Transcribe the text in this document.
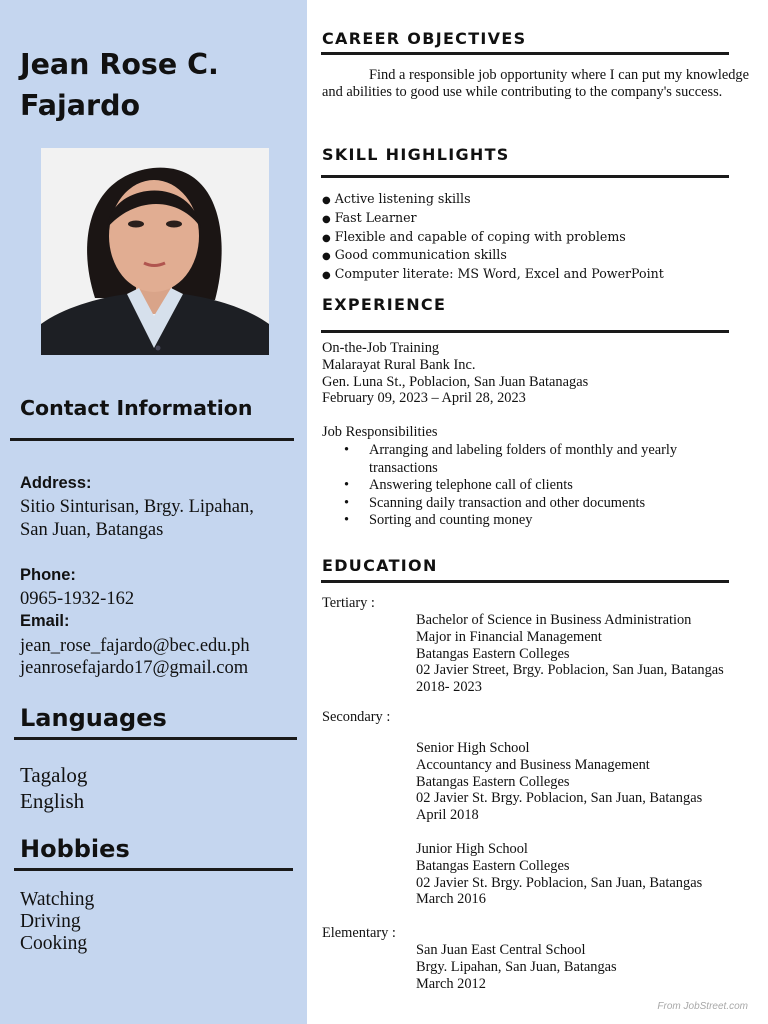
Jean Rose C.
Fajardo
Contact Information
Address:
Sitio Sinturisan, Brgy. Lipahan,
San Juan, Batangas
Phone:
0965-1932-162
Email:
jean_rose_fajardo@bec.edu.ph
jeanrosefajardo17@gmail.com
Languages
Tagalog
English
Hobbies
Watching
Driving
Cooking
CAREER OBJECTIVES

Find a responsible job opportunity where I can put my knowledge and abilities to good use while contributing to the company's success.

SKILL HIGHLIGHTS
● Active listening skills
● Fast Learner
● Flexible and capable of coping with problems
● Good communication skills
● Computer literate: MS Word, Excel and PowerPoint
EXPERIENCE
On-the-Job Training
Malarayat Rural Bank Inc.
Gen. Luna St., Poblacion, San Juan Batanagas
February 09, 2023 – April 28, 2023
Job Responsibilities
• Arranging and labeling folders of monthly and yearly transactions
• Answering telephone call of clients
• Scanning daily transaction and other documents
• Sorting and counting money
EDUCATION
Tertiary :
Bachelor of Science in Business Administration
Major in Financial Management
Batangas Eastern Colleges
02 Javier Street, Brgy. Poblacion, San Juan, Batangas
2018- 2023
Secondary :
Senior High School
Accountancy and Business Management
Batangas Eastern Colleges
02 Javier St. Brgy. Poblacion, San Juan, Batangas
April 2018
Junior High School
Batangas Eastern Colleges
02 Javier St. Brgy. Poblacion, San Juan, Batangas
March 2016
Elementary :
San Juan East Central School
Brgy. Lipahan, San Juan, Batangas
March 2012
From JobStreet.com
